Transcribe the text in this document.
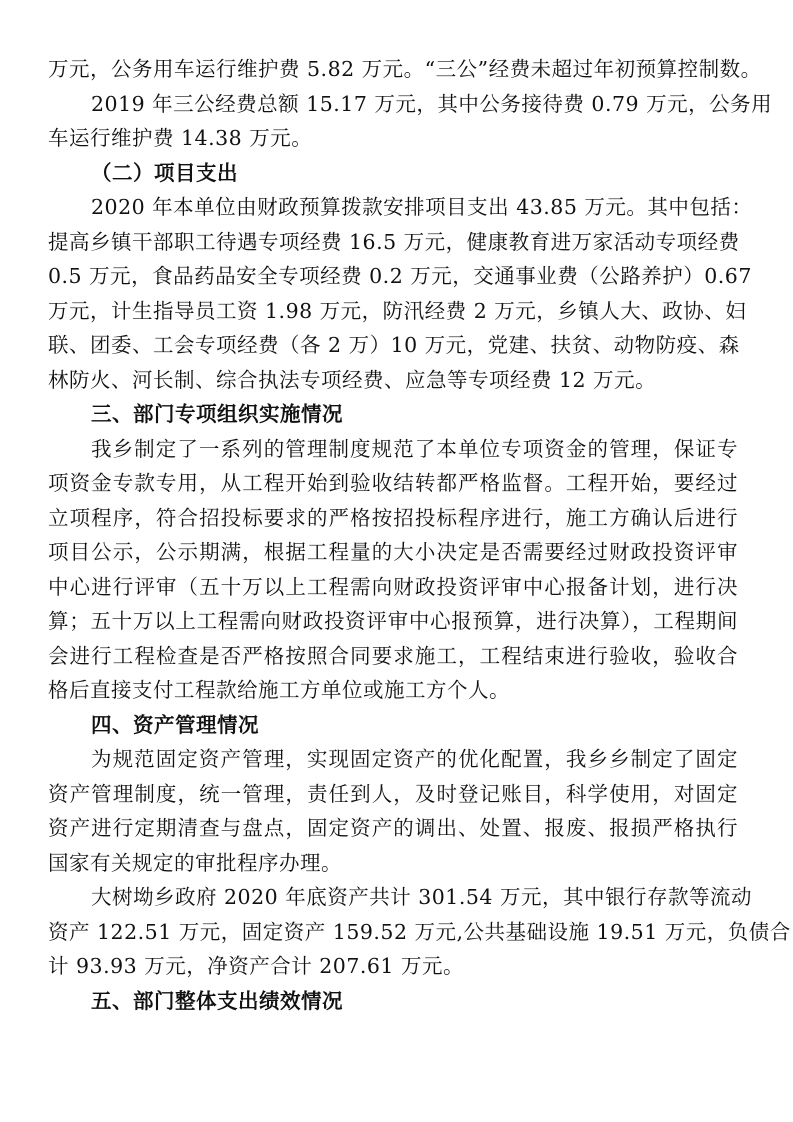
万元，公务用车运行维护费 5.82 万元。“三公”经费未超过年初预算控制数。
2019 年三公经费总额 15.17 万元，其中公务接待费 0.79 万元，公务用
车运行维护费 14.38 万元。
（二）项目支出
2020 年本单位由财政预算拨款安排项目支出 43.85 万元。其中包括：
提高乡镇干部职工待遇专项经费 16.5 万元，健康教育进万家活动专项经费
0.5 万元，食品药品安全专项经费 0.2 万元，交通事业费（公路养护）0.67
万元，计生指导员工资 1.98 万元，防汛经费 2 万元，乡镇人大、政协、妇
联、团委、工会专项经费（各 2 万）10 万元，党建、扶贫、动物防疫、森
林防火、河长制、综合执法专项经费、应急等专项经费 12 万元。
三、部门专项组织实施情况
我乡制定了一系列的管理制度规范了本单位专项资金的管理，保证专
项资金专款专用，从工程开始到验收结转都严格监督。工程开始，要经过
立项程序，符合招投标要求的严格按招投标程序进行，施工方确认后进行
项目公示，公示期满，根据工程量的大小决定是否需要经过财政投资评审
中心进行评审（五十万以上工程需向财政投资评审中心报备计划，进行决
算；五十万以上工程需向财政投资评审中心报预算，进行决算），工程期间
会进行工程检查是否严格按照合同要求施工，工程结束进行验收，验收合
格后直接支付工程款给施工方单位或施工方个人。
四、资产管理情况
为规范固定资产管理，实现固定资产的优化配置，我乡乡制定了固定
资产管理制度，统一管理，责任到人，及时登记账目，科学使用，对固定
资产进行定期清查与盘点，固定资产的调出、处置、报废、报损严格执行
国家有关规定的审批程序办理。
大树坳乡政府 2020 年底资产共计 301.54 万元，其中银行存款等流动
资产 122.51 万元，固定资产 159.52 万元,公共基础设施 19.51 万元，负债合
计 93.93 万元，净资产合计 207.61 万元。
五、部门整体支出绩效情况
